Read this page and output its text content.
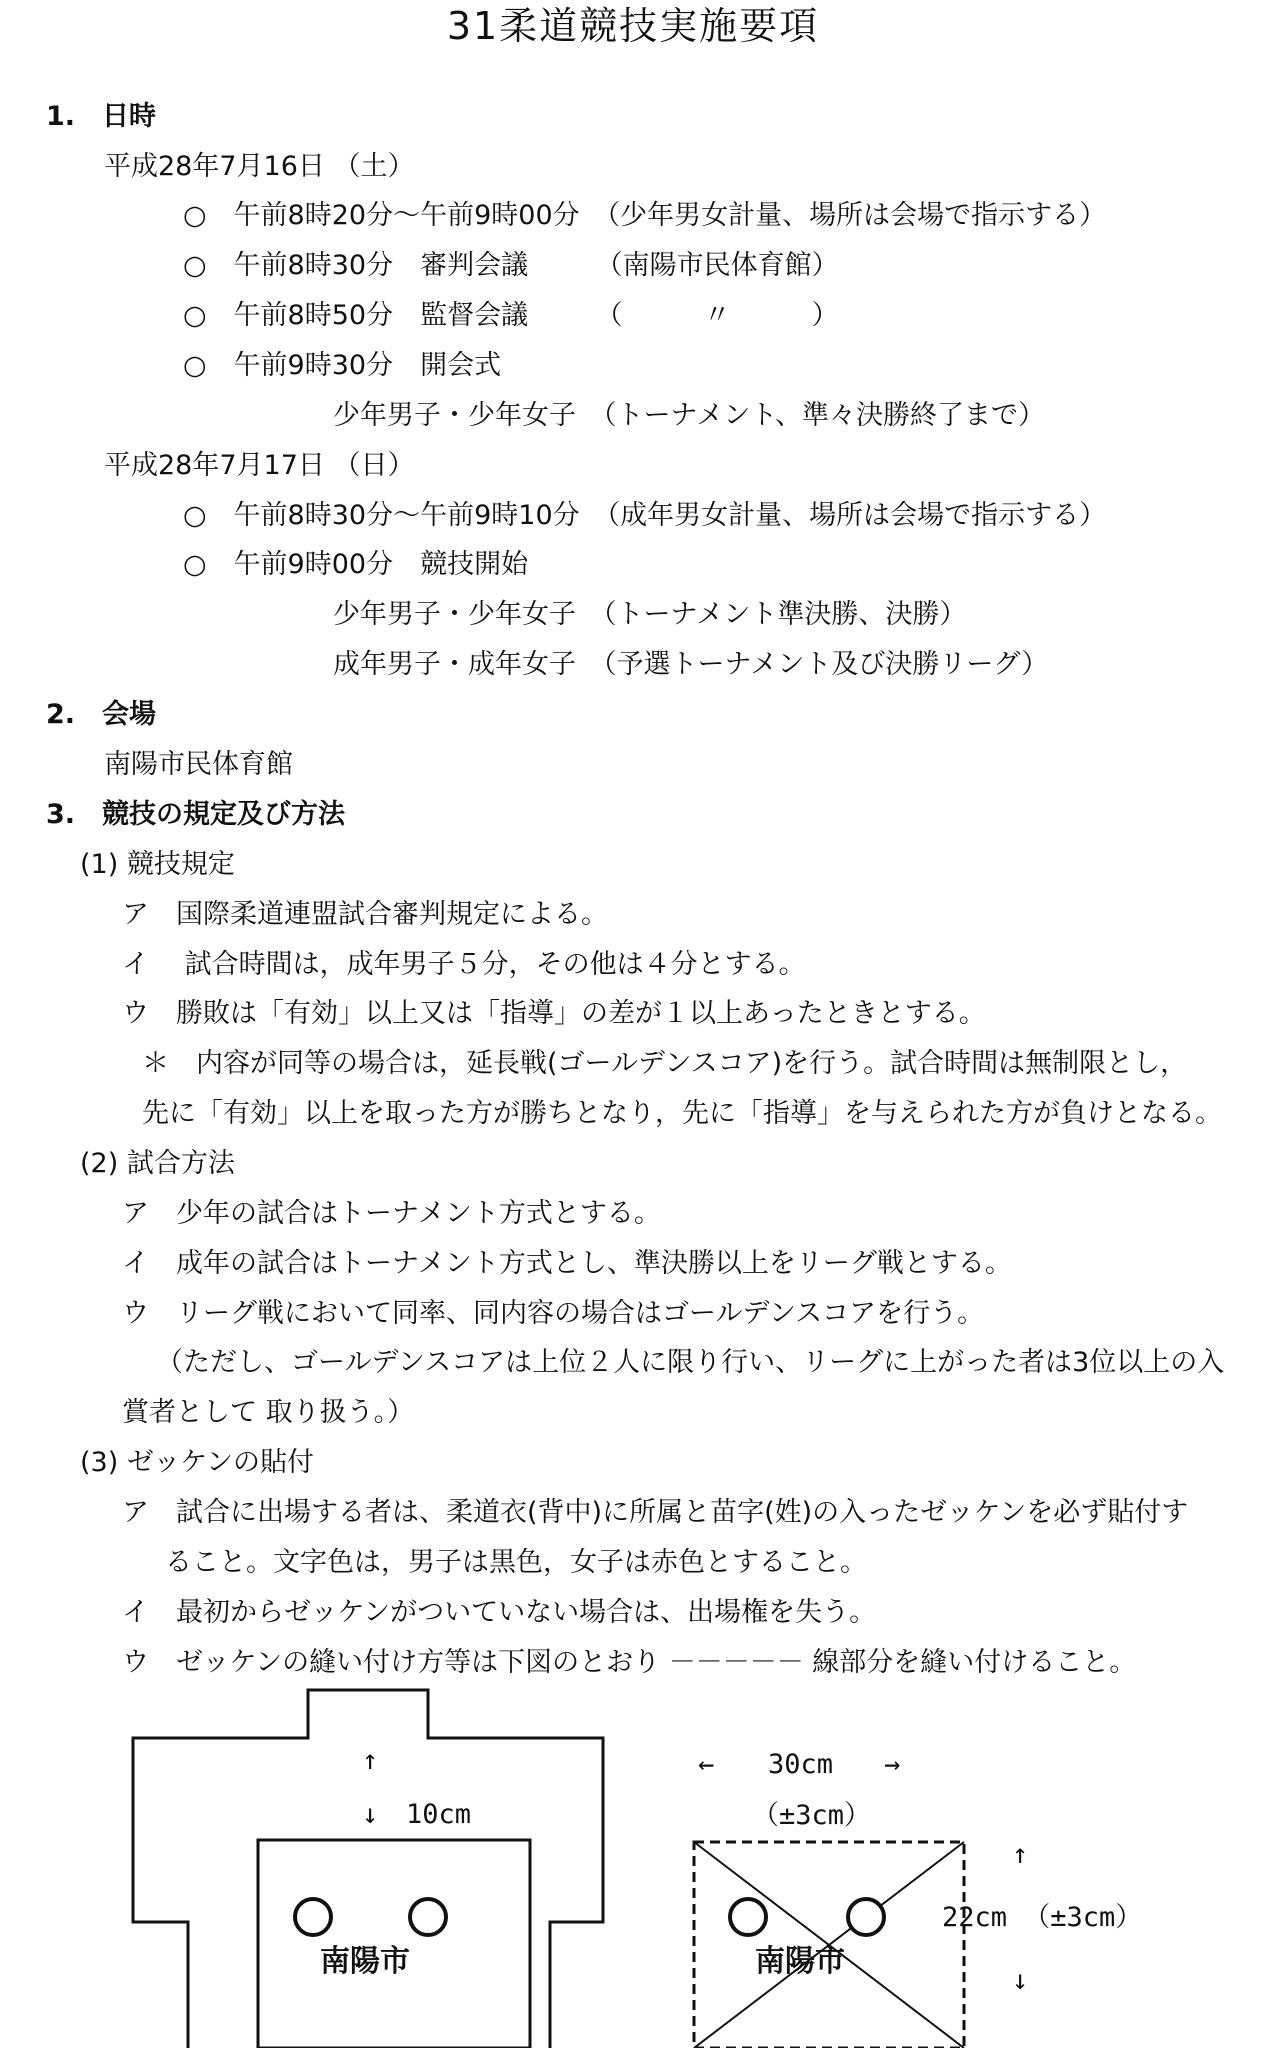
31柔道競技実施要項
1.　日時
平成28年7月16日 （土）
○　午前8時20分～午前9時00分　（少年男女計量、場所は会場で指示する）
○　午前8時30分　審判会議　　　（南陽市民体育館）
○　午前8時50分　監督会議　　　（　　　〃　　　）
○　午前9時30分　開会式
少年男子・少年女子　（トーナメント、準々決勝終了まで）
平成28年7月17日 （日）
○　午前8時30分～午前9時10分　（成年男女計量、場所は会場で指示する）
○　午前9時00分　競技開始
少年男子・少年女子　（トーナメント準決勝、決勝）
成年男子・成年女子　（予選トーナメント及び決勝リーグ）
2.　会場
南陽市民体育館
3.　競技の規定及び方法
(1) 競技規定
ア　国際柔道連盟試合審判規定による。
イ　 試合時間は，成年男子５分，その他は４分とする。
ウ　勝敗は「有効」以上又は「指導」の差が１以上あったときとする。
＊　内容が同等の場合は，延長戦(ゴールデンスコア)を行う。試合時間は無制限とし，
先に「有効」以上を取った方が勝ちとなり，先に「指導」を与えられた方が負けとなる。
(2) 試合方法
ア　少年の試合はトーナメント方式とする。
イ　成年の試合はトーナメント方式とし、準決勝以上をリーグ戦とする。
ウ　リーグ戦において同率、同内容の場合はゴールデンスコアを行う。
（ただし、ゴールデンスコアは上位２人に限り行い、リーグに上がった者は3位以上の入
賞者として 取り扱う。）
(3) ゼッケンの貼付
ア　試合に出場する者は、柔道衣(背中)に所属と苗字(姓)の入ったゼッケンを必ず貼付す
ること。文字色は，男子は黒色，女子は赤色とすること。
イ　最初からゼッケンがついていない場合は、出場権を失う。
ウ　ゼッケンの縫い付け方等は下図のとおり －－－－－ 線部分を縫い付けること。
↑
↓ 10cm
← 30cm →
（±3cm）
↑
22cm （±3cm）
↓
南陽市	南陽市
